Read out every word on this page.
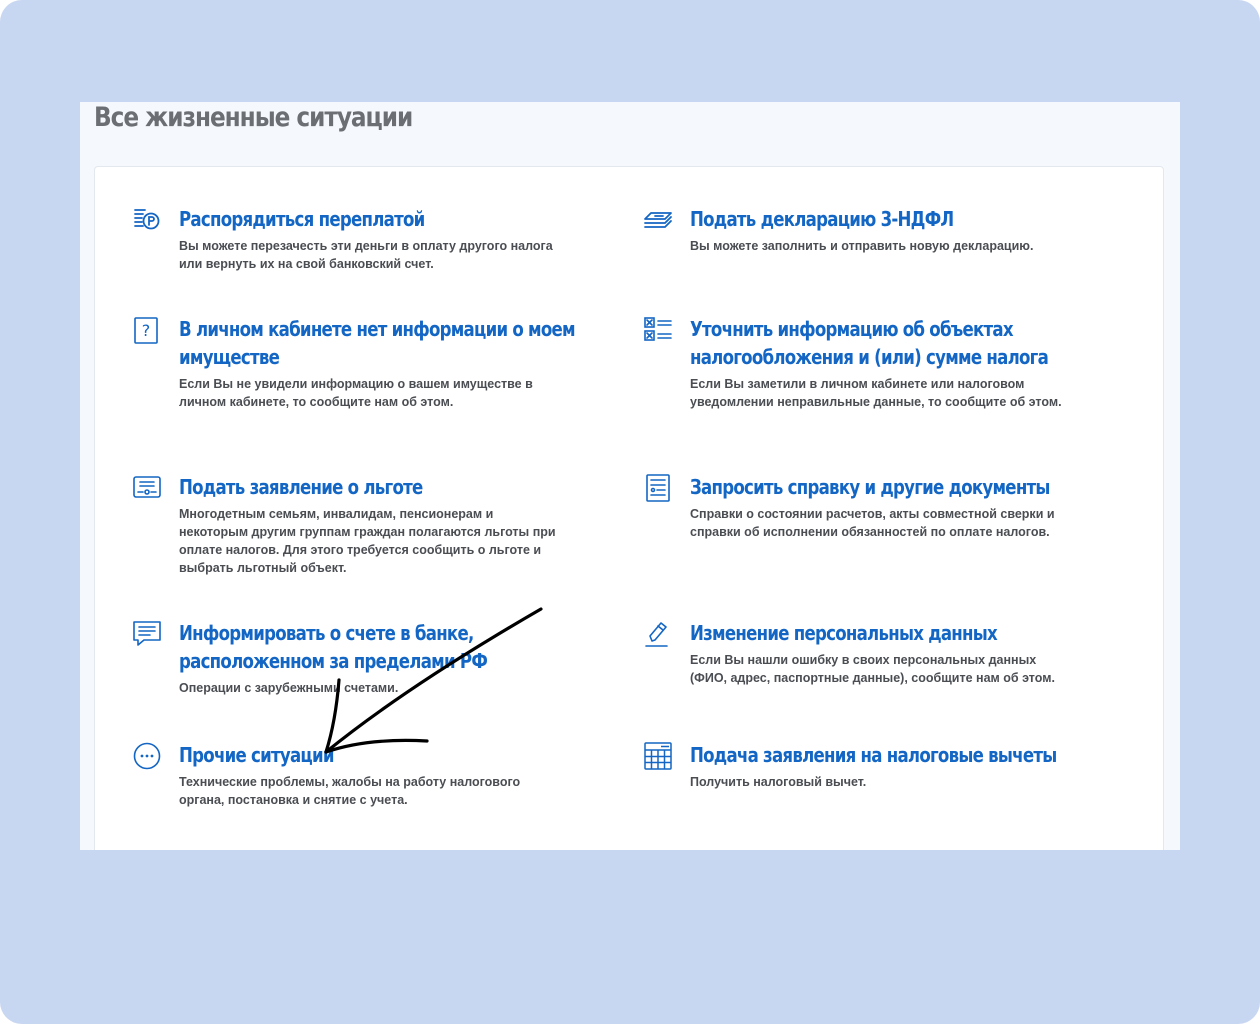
Все жизненные ситуации
Распорядиться переплатой
Вы можете перезачесть эти деньги в оплату другого налога или вернуть их на свой банковский счет.
Подать декларацию 3-НДФЛ
Вы можете заполнить и отправить новую декларацию.
? В личном кабинете нет информации о моем
имуществе
Если Вы не увидели информацию о вашем имуществе в личном кабинете, то сообщите нам об этом.
Уточнить информацию об объектах
налогообложения и (или) сумме налога
Если Вы заметили в личном кабинете или налоговом уведомлении неправильные данные, то сообщите об этом.
Подать заявление о льготе
Многодетным семьям, инвалидам, пенсионерам и некоторым другим группам граждан полагаются льготы при оплате налогов. Для этого требуется сообщить о льготе и выбрать льготный объект.
Запросить справку и другие документы
Справки о состоянии расчетов, акты совместной сверки и справки об исполнении обязанностей по оплате налогов.
Информировать о счете в банке,
расположенном за пределами РФ
Операции с зарубежными счетами.
Изменение персональных данных
Если Вы нашли ошибку в своих персональных данных (ФИО, адрес, паспортные данные), сообщите нам об этом.
Прочие ситуации
Технические проблемы, жалобы на работу налогового органа, постановка и снятие с учета.
Подача заявления на налоговые вычеты
Получить налоговый вычет.
